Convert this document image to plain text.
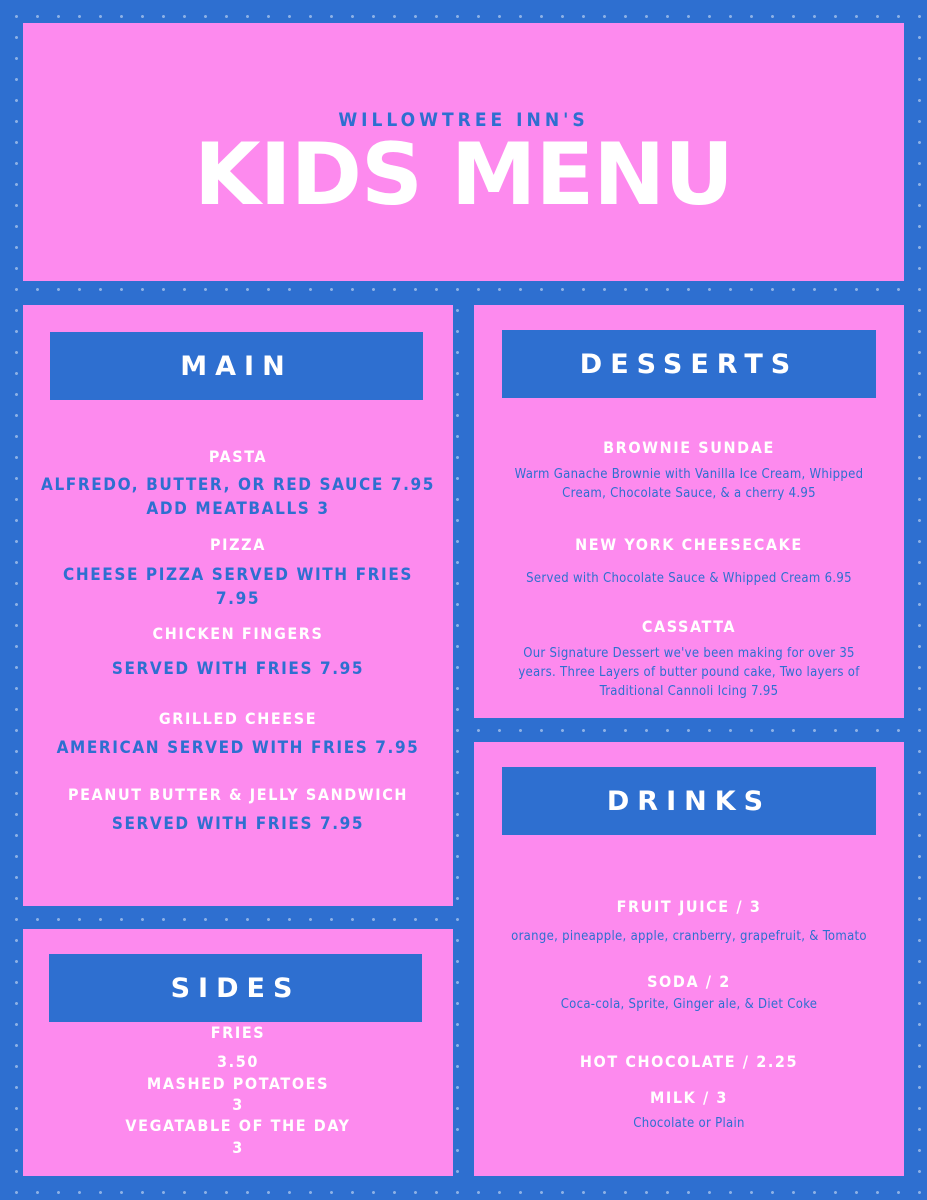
WILLOWTREE INN'S
KIDS MENU
MAIN
PASTA
ALFREDO, BUTTER, OR RED SAUCE 7.95
ADD MEATBALLS 3
PIZZA
CHEESE PIZZA SERVED WITH FRIES
7.95
CHICKEN FINGERS
SERVED WITH FRIES 7.95
GRILLED CHEESE
AMERICAN SERVED WITH FRIES 7.95
PEANUT BUTTER & JELLY SANDWICH
SERVED WITH FRIES 7.95
DESSERTS
BROWNIE SUNDAE
Warm Ganache Brownie with Vanilla Ice Cream, Whipped Cream, Chocolate Sauce, & a cherry 4.95
NEW YORK CHEESECAKE
Served with Chocolate Sauce & Whipped Cream 6.95
CASSATTA
Our Signature Dessert we've been making for over 35 years. Three Layers of butter pound cake, Two layers of Traditional Cannoli Icing 7.95
SIDES
FRIES
3.50
MASHED POTATOES
3
VEGATABLE OF THE DAY
3
DRINKS
FRUIT JUICE / 3
orange, pineapple, apple, cranberry, grapefruit, & Tomato
SODA / 2
Coca-cola, Sprite, Ginger ale, & Diet Coke
HOT CHOCOLATE / 2.25
MILK / 3
Chocolate or Plain
